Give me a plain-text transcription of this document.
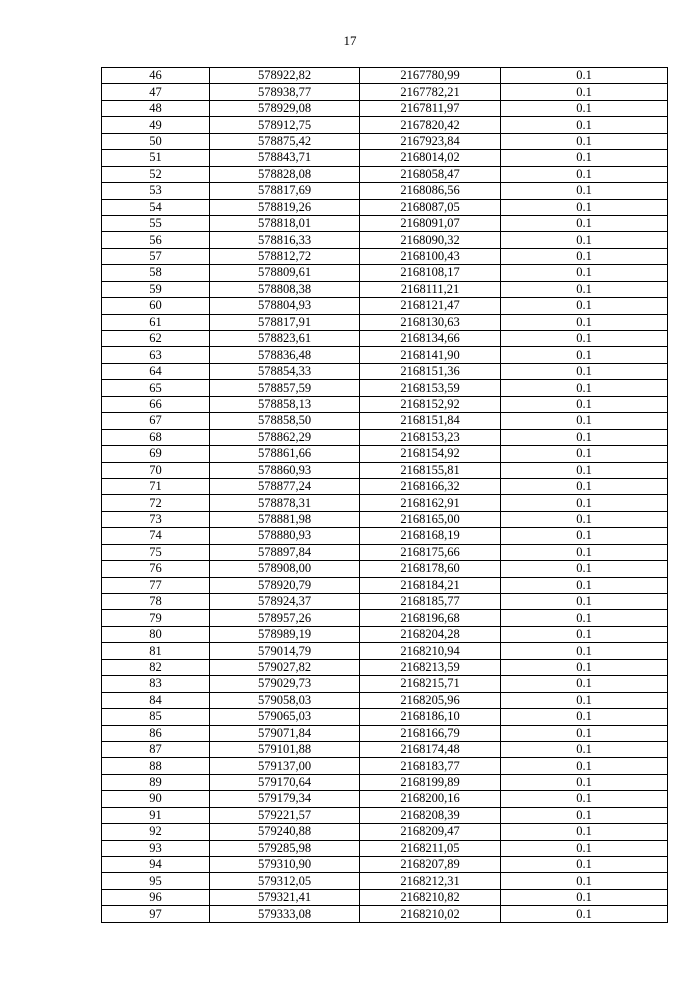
17
46	578922,82	2167780,99	0.1
47	578938,77	2167782,21	0.1
48	578929,08	2167811,97	0.1
49	578912,75	2167820,42	0.1
50	578875,42	2167923,84	0.1
51	578843,71	2168014,02	0.1
52	578828,08	2168058,47	0.1
53	578817,69	2168086,56	0.1
54	578819,26	2168087,05	0.1
55	578818,01	2168091,07	0.1
56	578816,33	2168090,32	0.1
57	578812,72	2168100,43	0.1
58	578809,61	2168108,17	0.1
59	578808,38	2168111,21	0.1
60	578804,93	2168121,47	0.1
61	578817,91	2168130,63	0.1
62	578823,61	2168134,66	0.1
63	578836,48	2168141,90	0.1
64	578854,33	2168151,36	0.1
65	578857,59	2168153,59	0.1
66	578858,13	2168152,92	0.1
67	578858,50	2168151,84	0.1
68	578862,29	2168153,23	0.1
69	578861,66	2168154,92	0.1
70	578860,93	2168155,81	0.1
71	578877,24	2168166,32	0.1
72	578878,31	2168162,91	0.1
73	578881,98	2168165,00	0.1
74	578880,93	2168168,19	0.1
75	578897,84	2168175,66	0.1
76	578908,00	2168178,60	0.1
77	578920,79	2168184,21	0.1
78	578924,37	2168185,77	0.1
79	578957,26	2168196,68	0.1
80	578989,19	2168204,28	0.1
81	579014,79	2168210,94	0.1
82	579027,82	2168213,59	0.1
83	579029,73	2168215,71	0.1
84	579058,03	2168205,96	0.1
85	579065,03	2168186,10	0.1
86	579071,84	2168166,79	0.1
87	579101,88	2168174,48	0.1
88	579137,00	2168183,77	0.1
89	579170,64	2168199,89	0.1
90	579179,34	2168200,16	0.1
91	579221,57	2168208,39	0.1
92	579240,88	2168209,47	0.1
93	579285,98	2168211,05	0.1
94	579310,90	2168207,89	0.1
95	579312,05	2168212,31	0.1
96	579321,41	2168210,82	0.1
97	579333,08	2168210,02	0.1
